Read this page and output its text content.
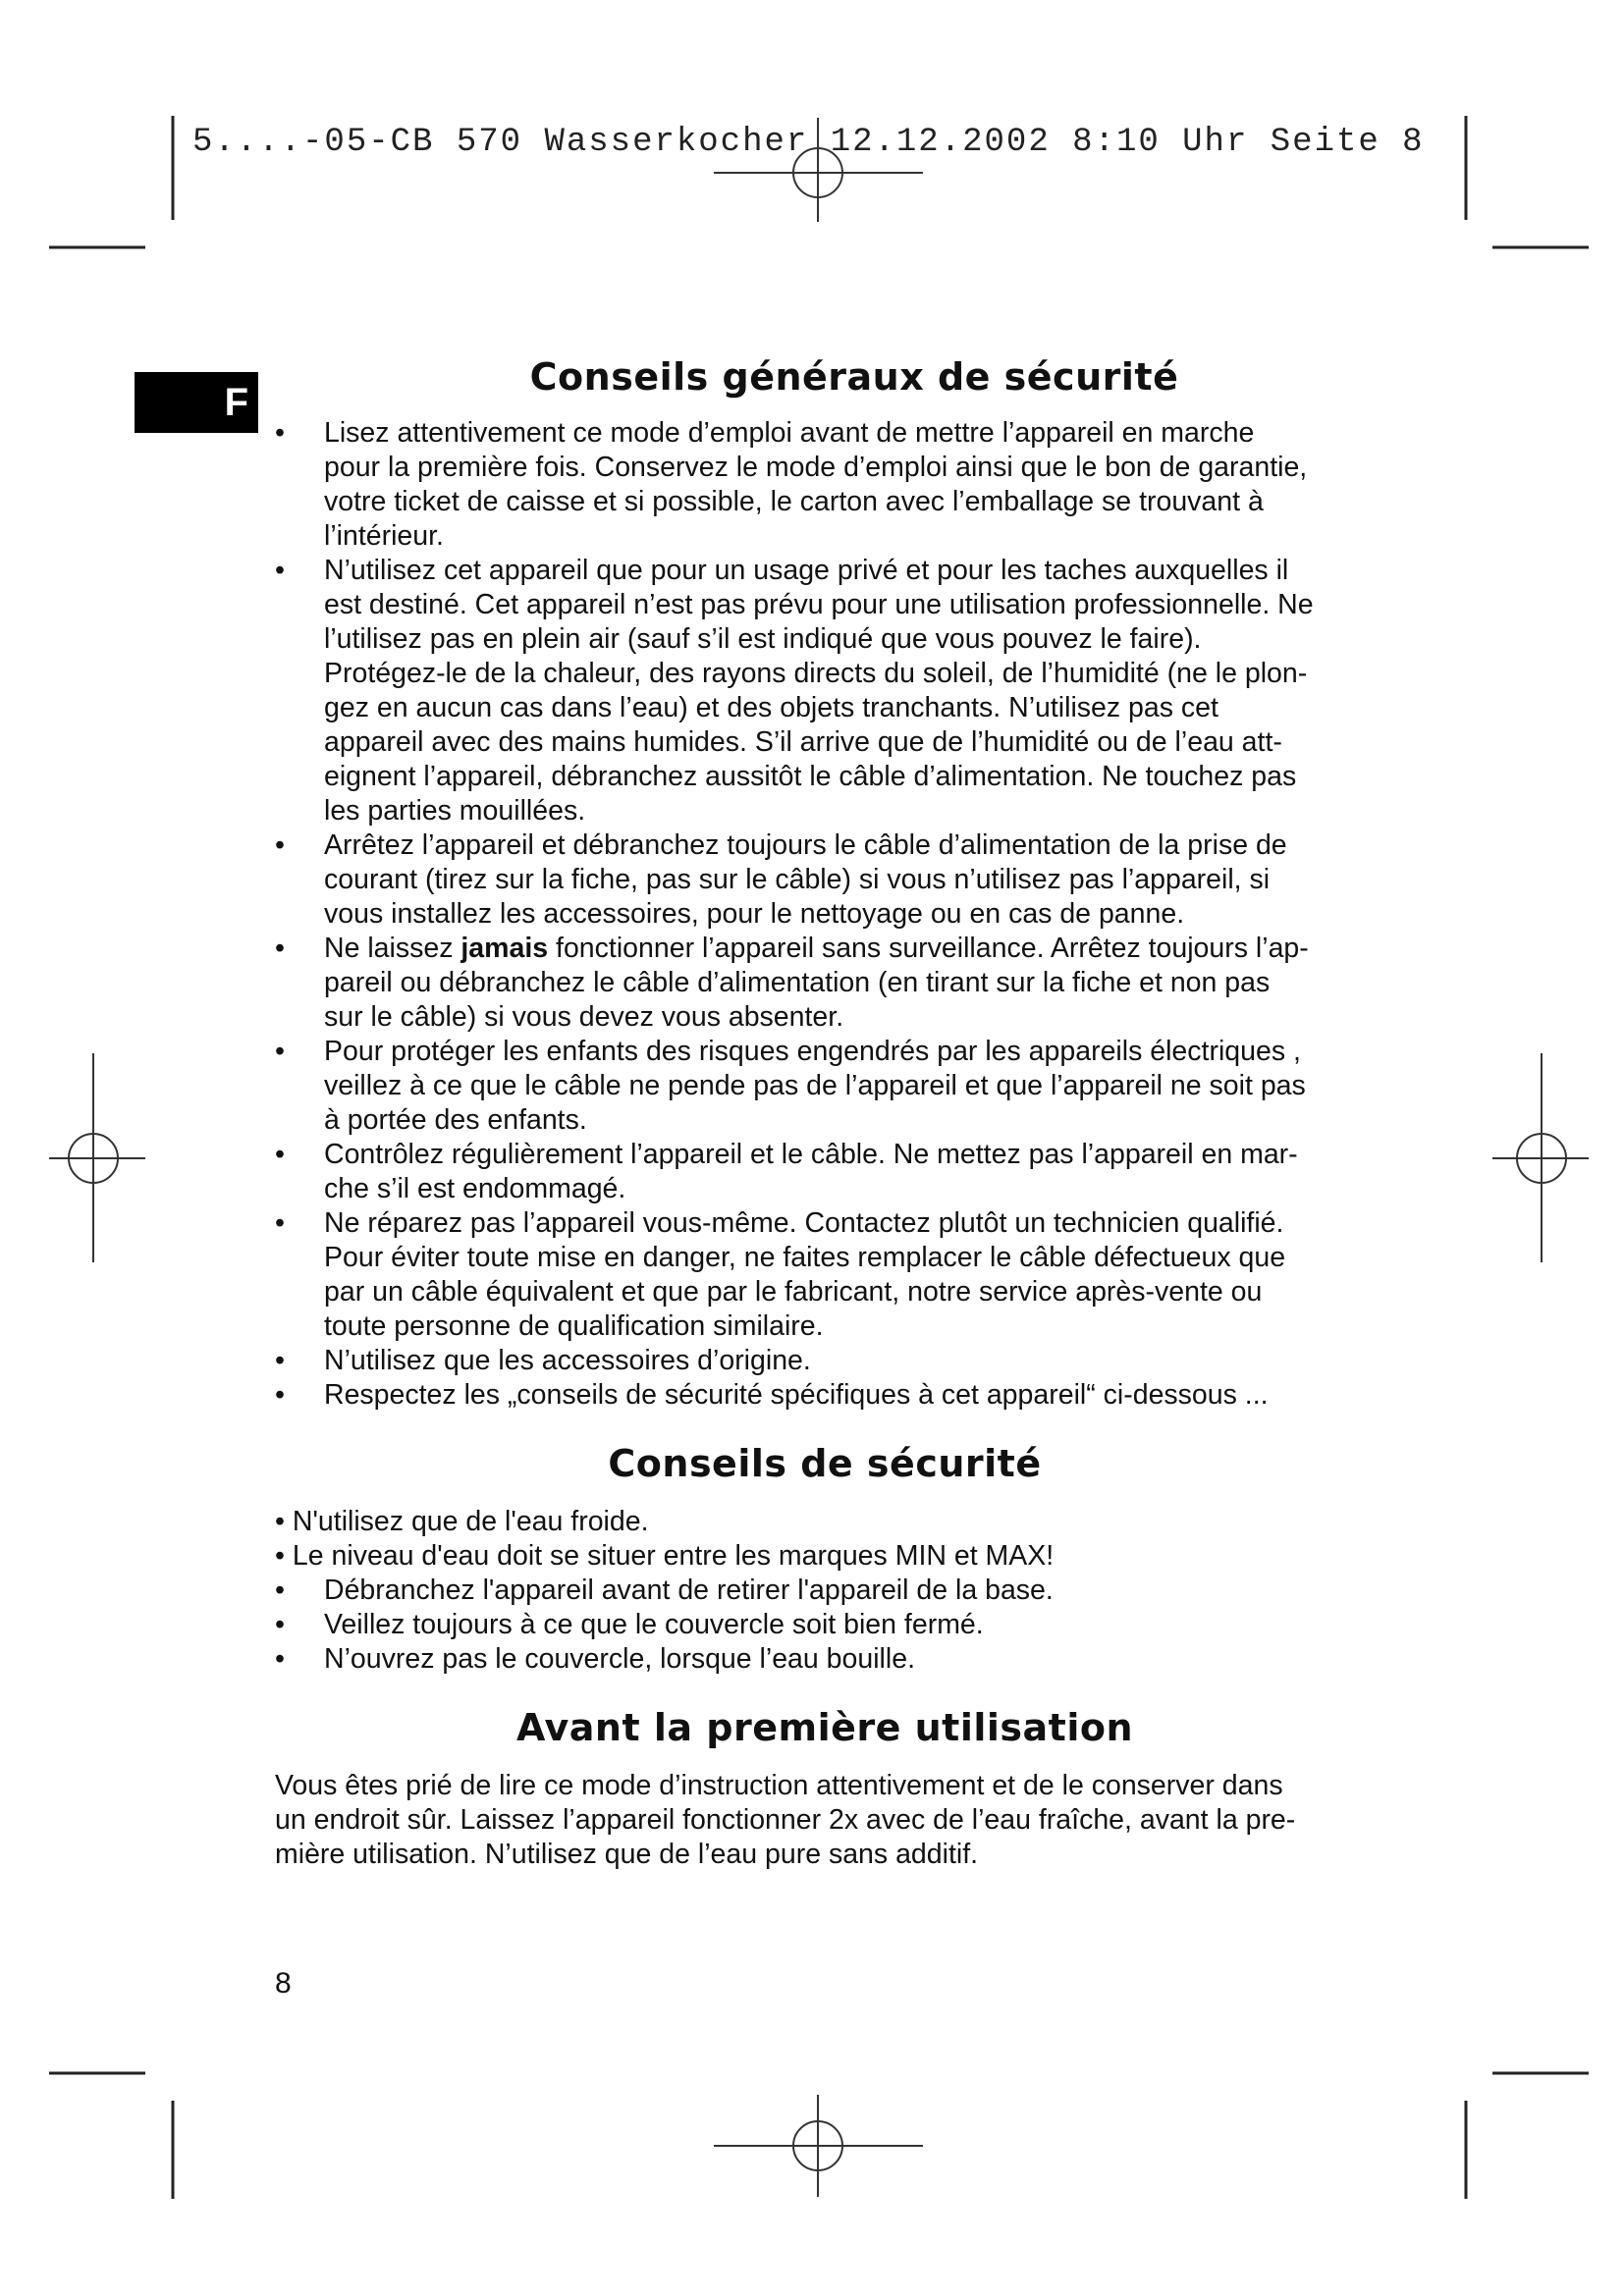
5....-05-CB 570 Wasserkocher 12.12.2002 8:10 Uhr Seite 8
F
Conseils généraux de sécurité
• Lisez attentivement ce mode d’emploi avant de mettre l’appareil en marche
pour la première fois. Conservez le mode d’emploi ainsi que le bon de garantie,
votre ticket de caisse et si possible, le carton avec l’emballage se trouvant à
l’intérieur.
• N’utilisez cet appareil que pour un usage privé et pour les taches auxquelles il
est destiné. Cet appareil n’est pas prévu pour une utilisation professionnelle. Ne
l’utilisez pas en plein air (sauf s’il est indiqué que vous pouvez le faire).
Protégez-le de la chaleur, des rayons directs du soleil, de l’humidité (ne le plon-
gez en aucun cas dans l’eau) et des objets tranchants. N’utilisez pas cet
appareil avec des mains humides. S’il arrive que de l’humidité ou de l’eau att-
eignent l’appareil, débranchez aussitôt le câble d’alimentation. Ne touchez pas
les parties mouillées.
• Arrêtez l’appareil et débranchez toujours le câble d’alimentation de la prise de
courant (tirez sur la fiche, pas sur le câble) si vous n’utilisez pas l’appareil, si
vous installez les accessoires, pour le nettoyage ou en cas de panne.
• Ne laissez jamais fonctionner l’appareil sans surveillance. Arrêtez toujours l’ap-
pareil ou débranchez le câble d’alimentation (en tirant sur la fiche et non pas
sur le câble) si vous devez vous absenter.
• Pour protéger les enfants des risques engendrés par les appareils électriques ,
veillez à ce que le câble ne pende pas de l’appareil et que l’appareil ne soit pas
à portée des enfants.
• Contrôlez régulièrement l’appareil et le câble. Ne mettez pas l’appareil en mar-
che s’il est endommagé.
• Ne réparez pas l’appareil vous-même. Contactez plutôt un technicien qualifié.
Pour éviter toute mise en danger, ne faites remplacer le câble défectueux que
par un câble équivalent et que par le fabricant, notre service après-vente ou
toute personne de qualification similaire.
• N’utilisez que les accessoires d’origine.
• Respectez les „conseils de sécurité spécifiques à cet appareil“ ci-dessous ...
Conseils de sécurité
• N'utilisez que de l'eau froide.
• Le niveau d'eau doit se situer entre les marques MIN et MAX!
• Débranchez l'appareil avant de retirer l'appareil de la base.
• Veillez toujours à ce que le couvercle soit bien fermé.
• N’ouvrez pas le couvercle, lorsque l’eau bouille.
Avant la première utilisation

Vous êtes prié de lire ce mode d’instruction attentivement et de le conserver dans
un endroit sûr. Laissez l’appareil fonctionner 2x avec de l’eau fraîche, avant la pre-
mière utilisation. N’utilisez que de l’eau pure sans additif.

8
